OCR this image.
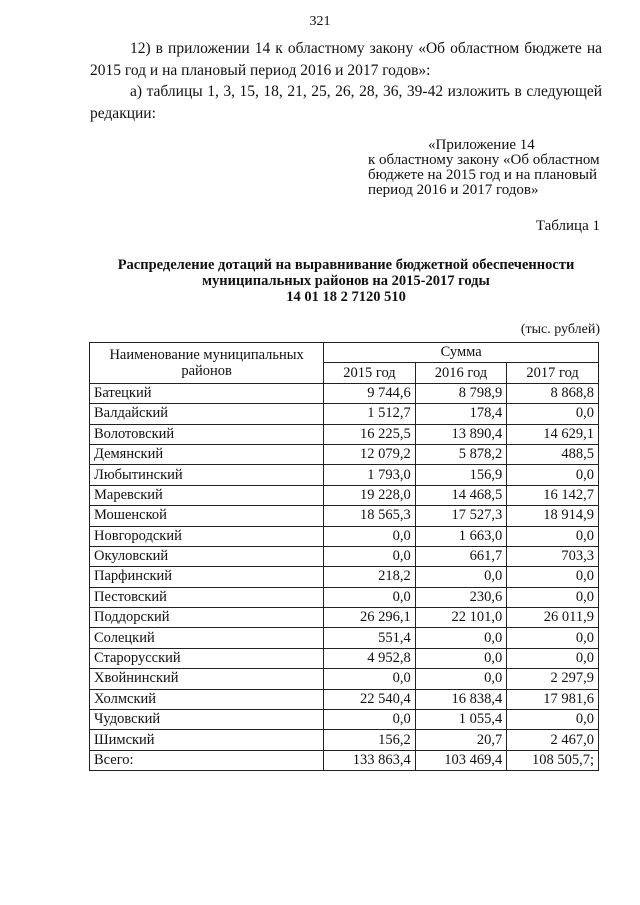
321
12) в приложении 14 к областному закону «Об областном бюджете на 2015 год и на плановый период 2016 и 2017 годов»:
а) таблицы 1, 3, 15, 18, 21, 25, 26, 28, 36, 39-42 изложить в следующей редакции:
«Приложение 14
к областному закону «Об областном
бюджете на 2015 год и на плановый
период 2016 и 2017 годов»
Таблица 1
Распределение дотаций на выравнивание бюджетной обеспеченности
муниципальных районов на 2015-2017 годы
14 01 18 2 7120 510
(тыс. рублей)
Наименование муниципальных районов	Сумма		
	2015 год	2016 год	2017 год
Батецкий	9 744,6	8 798,9	8 868,8
Валдайский	1 512,7	178,4	0,0
Волотовский	16 225,5	13 890,4	14 629,1
Демянский	12 079,2	5 878,2	488,5
Любытинский	1 793,0	156,9	0,0
Маревский	19 228,0	14 468,5	16 142,7
Мошенской	18 565,3	17 527,3	18 914,9
Новгородский	0,0	1 663,0	0,0
Окуловский	0,0	661,7	703,3
Парфинский	218,2	0,0	0,0
Пестовский	0,0	230,6	0,0
Поддорский	26 296,1	22 101,0	26 011,9
Солецкий	551,4	0,0	0,0
Старорусский	4 952,8	0,0	0,0
Хвойнинский	0,0	0,0	2 297,9
Холмский	22 540,4	16 838,4	17 981,6
Чудовский	0,0	1 055,4	0,0
Шимский	156,2	20,7	2 467,0
Всего:	133 863,4	103 469,4	108 505,7;
